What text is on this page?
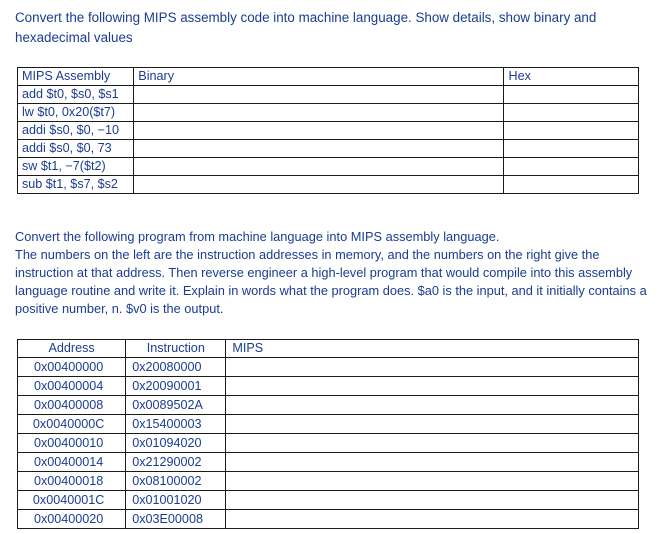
Convert the following MIPS assembly code into machine language. Show details, show binary and hexadecimal values

MIPS Assembly	Binary	Hex
add $t0, $s0, $s1		
lw $t0, 0x20($t7)		
addi $s0, $0, −10		
addi $s0, $0, 73		
sw $t1, −7($t2)		
sub $t1, $s7, $s2		
Convert the following program from machine language into MIPS assembly language.
The numbers on the left are the instruction addresses in memory, and the numbers on the right give the instruction at that address. Then reverse engineer a high-level program that would compile into this assembly language routine and write it. Explain in words what the program does. $a0 is the input, and it initially contains a positive number, n. $v0 is the output.
Address	Instruction	MIPS
0x00400000	0x20080000	
0x00400004	0x20090001	
0x00400008	0x0089502A	
0x0040000C	0x15400003	
0x00400010	0x01094020	
0x00400014	0x21290002	
0x00400018	0x08100002	
0x0040001C	0x01001020	
0x00400020	0x03E00008	
